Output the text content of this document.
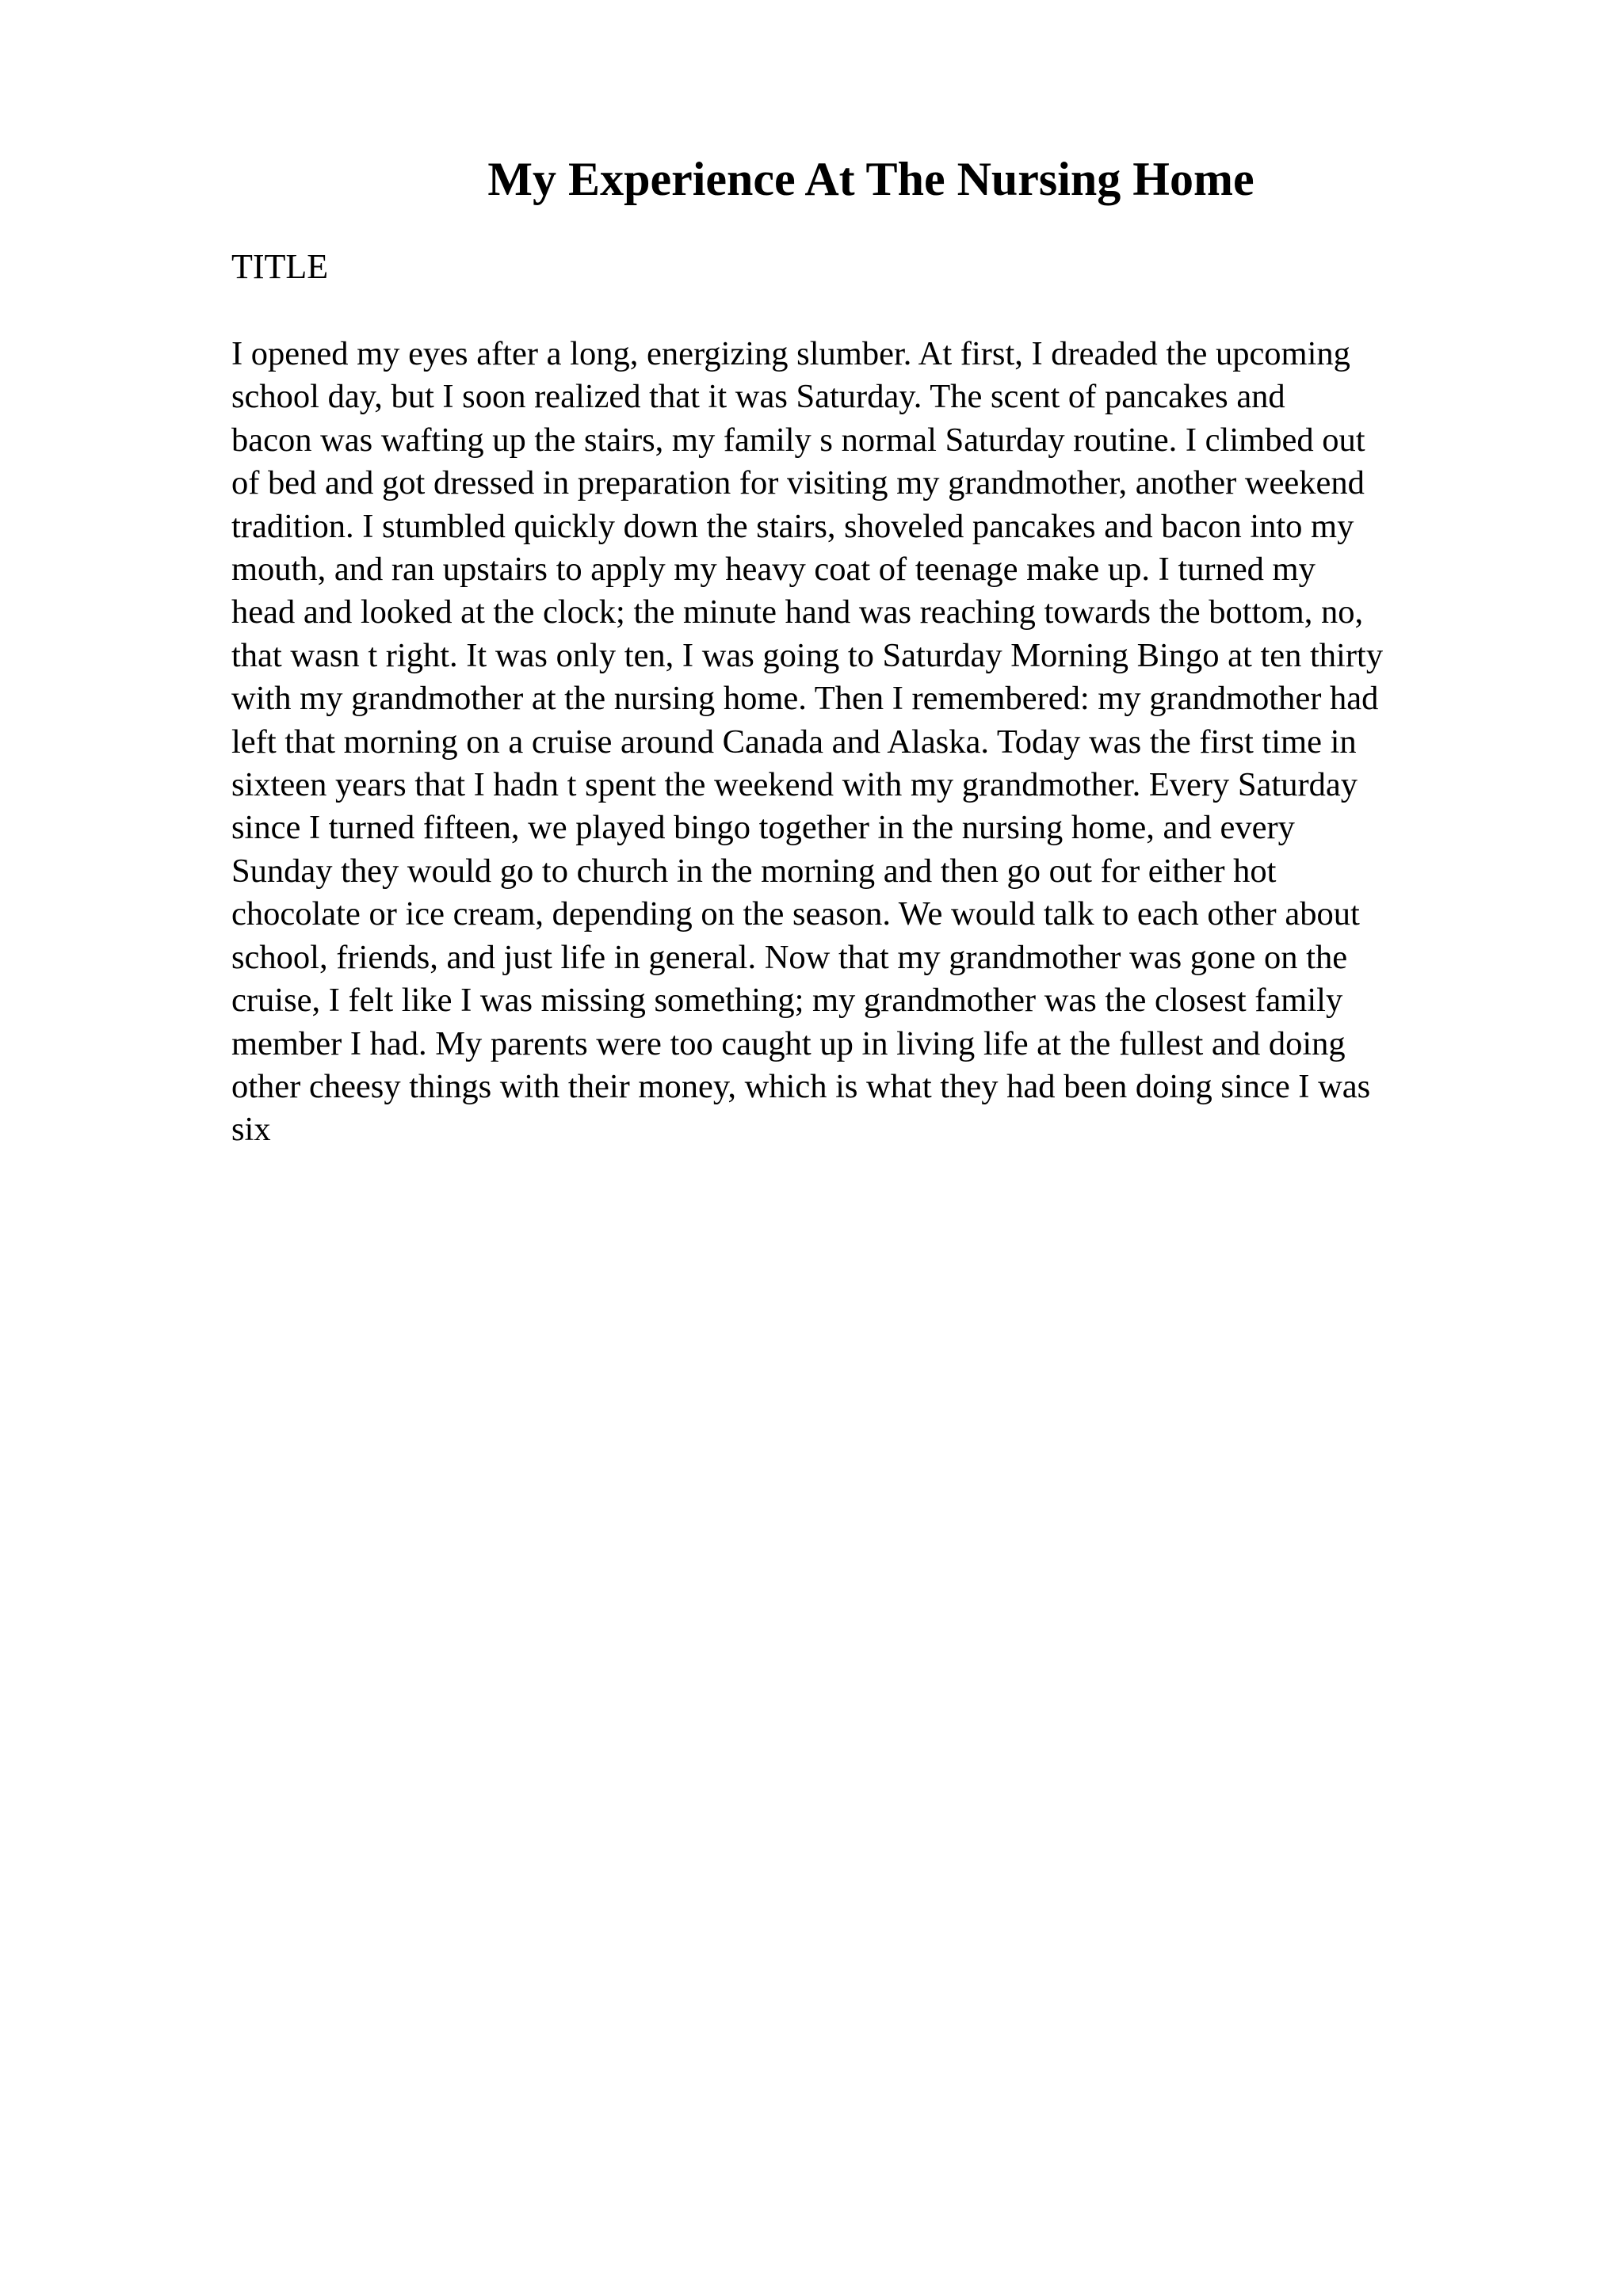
My Experience At The Nursing Home

TITLE

I opened my eyes after a long, energizing slumber. At first, I dreaded the upcoming
school day, but I soon realized that it was Saturday. The scent of pancakes and
bacon was wafting up the stairs, my family s normal Saturday routine. I climbed out
of bed and got dressed in preparation for visiting my grandmother, another weekend
tradition. I stumbled quickly down the stairs, shoveled pancakes and bacon into my
mouth, and ran upstairs to apply my heavy coat of teenage make up. I turned my
head and looked at the clock; the minute hand was reaching towards the bottom, no,
that wasn t right. It was only ten, I was going to Saturday Morning Bingo at ten thirty
with my grandmother at the nursing home. Then I remembered: my grandmother had
left that morning on a cruise around Canada and Alaska. Today was the first time in
sixteen years that I hadn t spent the weekend with my grandmother. Every Saturday
since I turned fifteen, we played bingo together in the nursing home, and every
Sunday they would go to church in the morning and then go out for either hot
chocolate or ice cream, depending on the season. We would talk to each other about
school, friends, and just life in general. Now that my grandmother was gone on the
cruise, I felt like I was missing something; my grandmother was the closest family
member I had. My parents were too caught up in living life at the fullest and doing
other cheesy things with their money, which is what they had been doing since I was
six
